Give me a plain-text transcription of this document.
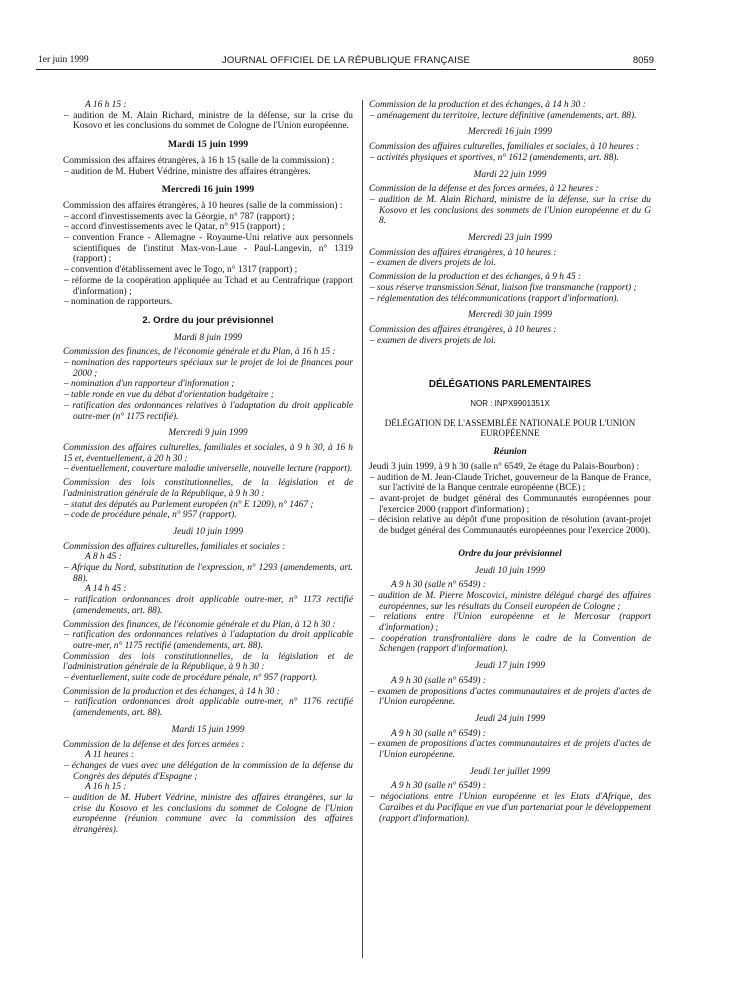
1er juin 1999	JOURNAL OFFICIEL DE LA RÉPUBLIQUE FRANÇAISE	8059

A 16 h 15 :

– audition de M. Alain Richard, ministre de la défense, sur la crise du Kosovo et les conclusions du sommet de Cologne de l'Union européenne.

Mardi 15 juin 1999

Commission des affaires étrangères, à 16 h 15 (salle de la commission) :

– audition de M. Hubert Védrine, ministre des affaires étrangères.

Mercredi 16 juin 1999

Commission des affaires étrangères, à 10 heures (salle de la commission) :

– accord d'investissements avec la Géorgie, n° 787 (rapport) ;

– accord d'investissements avec le Qatar, n° 915 (rapport) ;

– convention France - Allemagne - Royaume-Uni relative aux personnels scientifiques de l'institut Max-von-Laue - Paul-Langevin, n° 1319 (rapport) ;

– convention d'établissement avec le Togo, n° 1317 (rapport) ;

– réforme de la coopération appliquée au Tchad et au Centrafrique (rapport d'information) ;

– nomination de rapporteurs.

2. Ordre du jour prévisionnel

Mardi 8 juin 1999

Commission des finances, de l'économie générale et du Plan, à 16 h 15 :

– nomination des rapporteurs spéciaux sur le projet de loi de finances pour 2000 ;

– nomination d'un rapporteur d'information ;

– table ronde en vue du débat d'orientation budgétaire ;

– ratification des ordonnances relatives à l'adaptation du droit applicable outre-mer (n° 1175 rectifié).

Mercredi 9 juin 1999

Commission des affaires culturelles, familiales et sociales, à 9 h 30, à 16 h 15 et, éventuellement, à 20 h 30 :

– éventuellement, couverture maladie universelle, nouvelle lecture (rapport).

Commission des lois constitutionnelles, de la législation et de l'administration générale de la République, à 9 h 30 :

– statut des députés au Parlement européen (n° E 1209), n° 1467 ;

– code de procédure pénale, n° 957 (rapport).

Jeudi 10 juin 1999

Commission des affaires culturelles, familiales et sociales :

A 8 h 45 :

– Afrique du Nord, substitution de l'expression, n° 1293 (amendements, art. 88).

A 14 h 45 :

– ratification ordonnances droit applicable outre-mer, n° 1173 rectifié (amendements, art. 88).

Commission des finances, de l'économie générale et du Plan, à 12 h 30 :

– ratification des ordonnances relatives à l'adaptation du droit applicable outre-mer, n° 1175 rectifié (amendements, art. 88).

Commission des lois constitutionnelles, de la législation et de l'administration générale de la République, à 9 h 30 :

– éventuellement, suite code de procédure pénale, n° 957 (rapport).

Commission de la production et des échanges, à 14 h 30 :

– ratification ordonnances droit applicable outre-mer, n° 1176 rectifié (amendements, art. 88).

Mardi 15 juin 1999

Commission de la défense et des forces armées :

A 11 heures :

– échanges de vues avec une délégation de la commission de la défense du Congrès des députés d'Espagne ;

A 16 h 15 :

– audition de M. Hubert Védrine, ministre des affaires étrangères, sur la crise du Kosovo et les conclusions du sommet de Cologne de l'Union européenne (réunion commune avec la commission des affaires étrangères).

Commission de la production et des échanges, à 14 h 30 :

– aménagement du territoire, lecture définitive (amendements, art. 88).

Mercredi 16 juin 1999

Commission des affaires culturelles, familiales et sociales, à 10 heures :

– activités physiques et sportives, n° 1612 (amendements, art. 88).

Mardi 22 juin 1999

Commission de la défense et des forces armées, à 12 heures :

– audition de M. Alain Richard, ministre de la défense, sur la crise du Kosovo et les conclusions des sommets de l'Union européenne et du G 8.

Mercredi 23 juin 1999

Commission des affaires étrangères, à 10 heures :

– examen de divers projets de loi.

Commission de la production et des échanges, à 9 h 45 :

– sous réserve transmission Sénat, liaison fixe transmanche (rapport) ;

– réglementation des télécommunications (rapport d'information).

Mercredi 30 juin 1999

Commission des affaires étrangères, à 10 heures :

– examen de divers projets de loi.

DÉLÉGATIONS PARLEMENTAIRES

NOR : INPX9901351X

DÉLÉGATION DE L'ASSEMBLÉE NATIONALE POUR L'UNION EUROPÉENNE

Réunion

Jeudi 3 juin 1999, à 9 h 30 (salle n° 6549, 2e étage du Palais-Bourbon) :

– audition de M. Jean-Claude Trichet, gouverneur de la Banque de France, sur l'activité de la Banque centrale européenne (BCE) ;

– avant-projet de budget général des Communautés européennes pour l'exercice 2000 (rapport d'information) ;

– décision relative au dépôt d'une proposition de résolution (avant-projet de budget général des Communautés européennes pour l'exercice 2000).

Ordre du jour prévisionnel

Jeudi 10 juin 1999

A 9 h 30 (salle n° 6549) :

– audition de M. Pierre Moscovici, ministre délégué chargé des affaires européennes, sur les résultats du Conseil européen de Cologne ;

– relations entre l'Union européenne et le Mercosur (rapport d'information) ;

– coopération transfrontalière dans le cadre de la Convention de Schengen (rapport d'information).

Jeudi 17 juin 1999

A 9 h 30 (salle n° 6549) :

– examen de propositions d'actes communautaires et de projets d'actes de l'Union européenne.

Jeudi 24 juin 1999

A 9 h 30 (salle n° 6549) :

– examen de propositions d'actes communautaires et de projets d'actes de l'Union européenne.

Jeudi 1er juillet 1999

A 9 h 30 (salle n° 6549) :

– négociations entre l'Union européenne et les Etats d'Afrique, des Caraïbes et du Pacifique en vue d'un partenariat pour le développement (rapport d'information).
